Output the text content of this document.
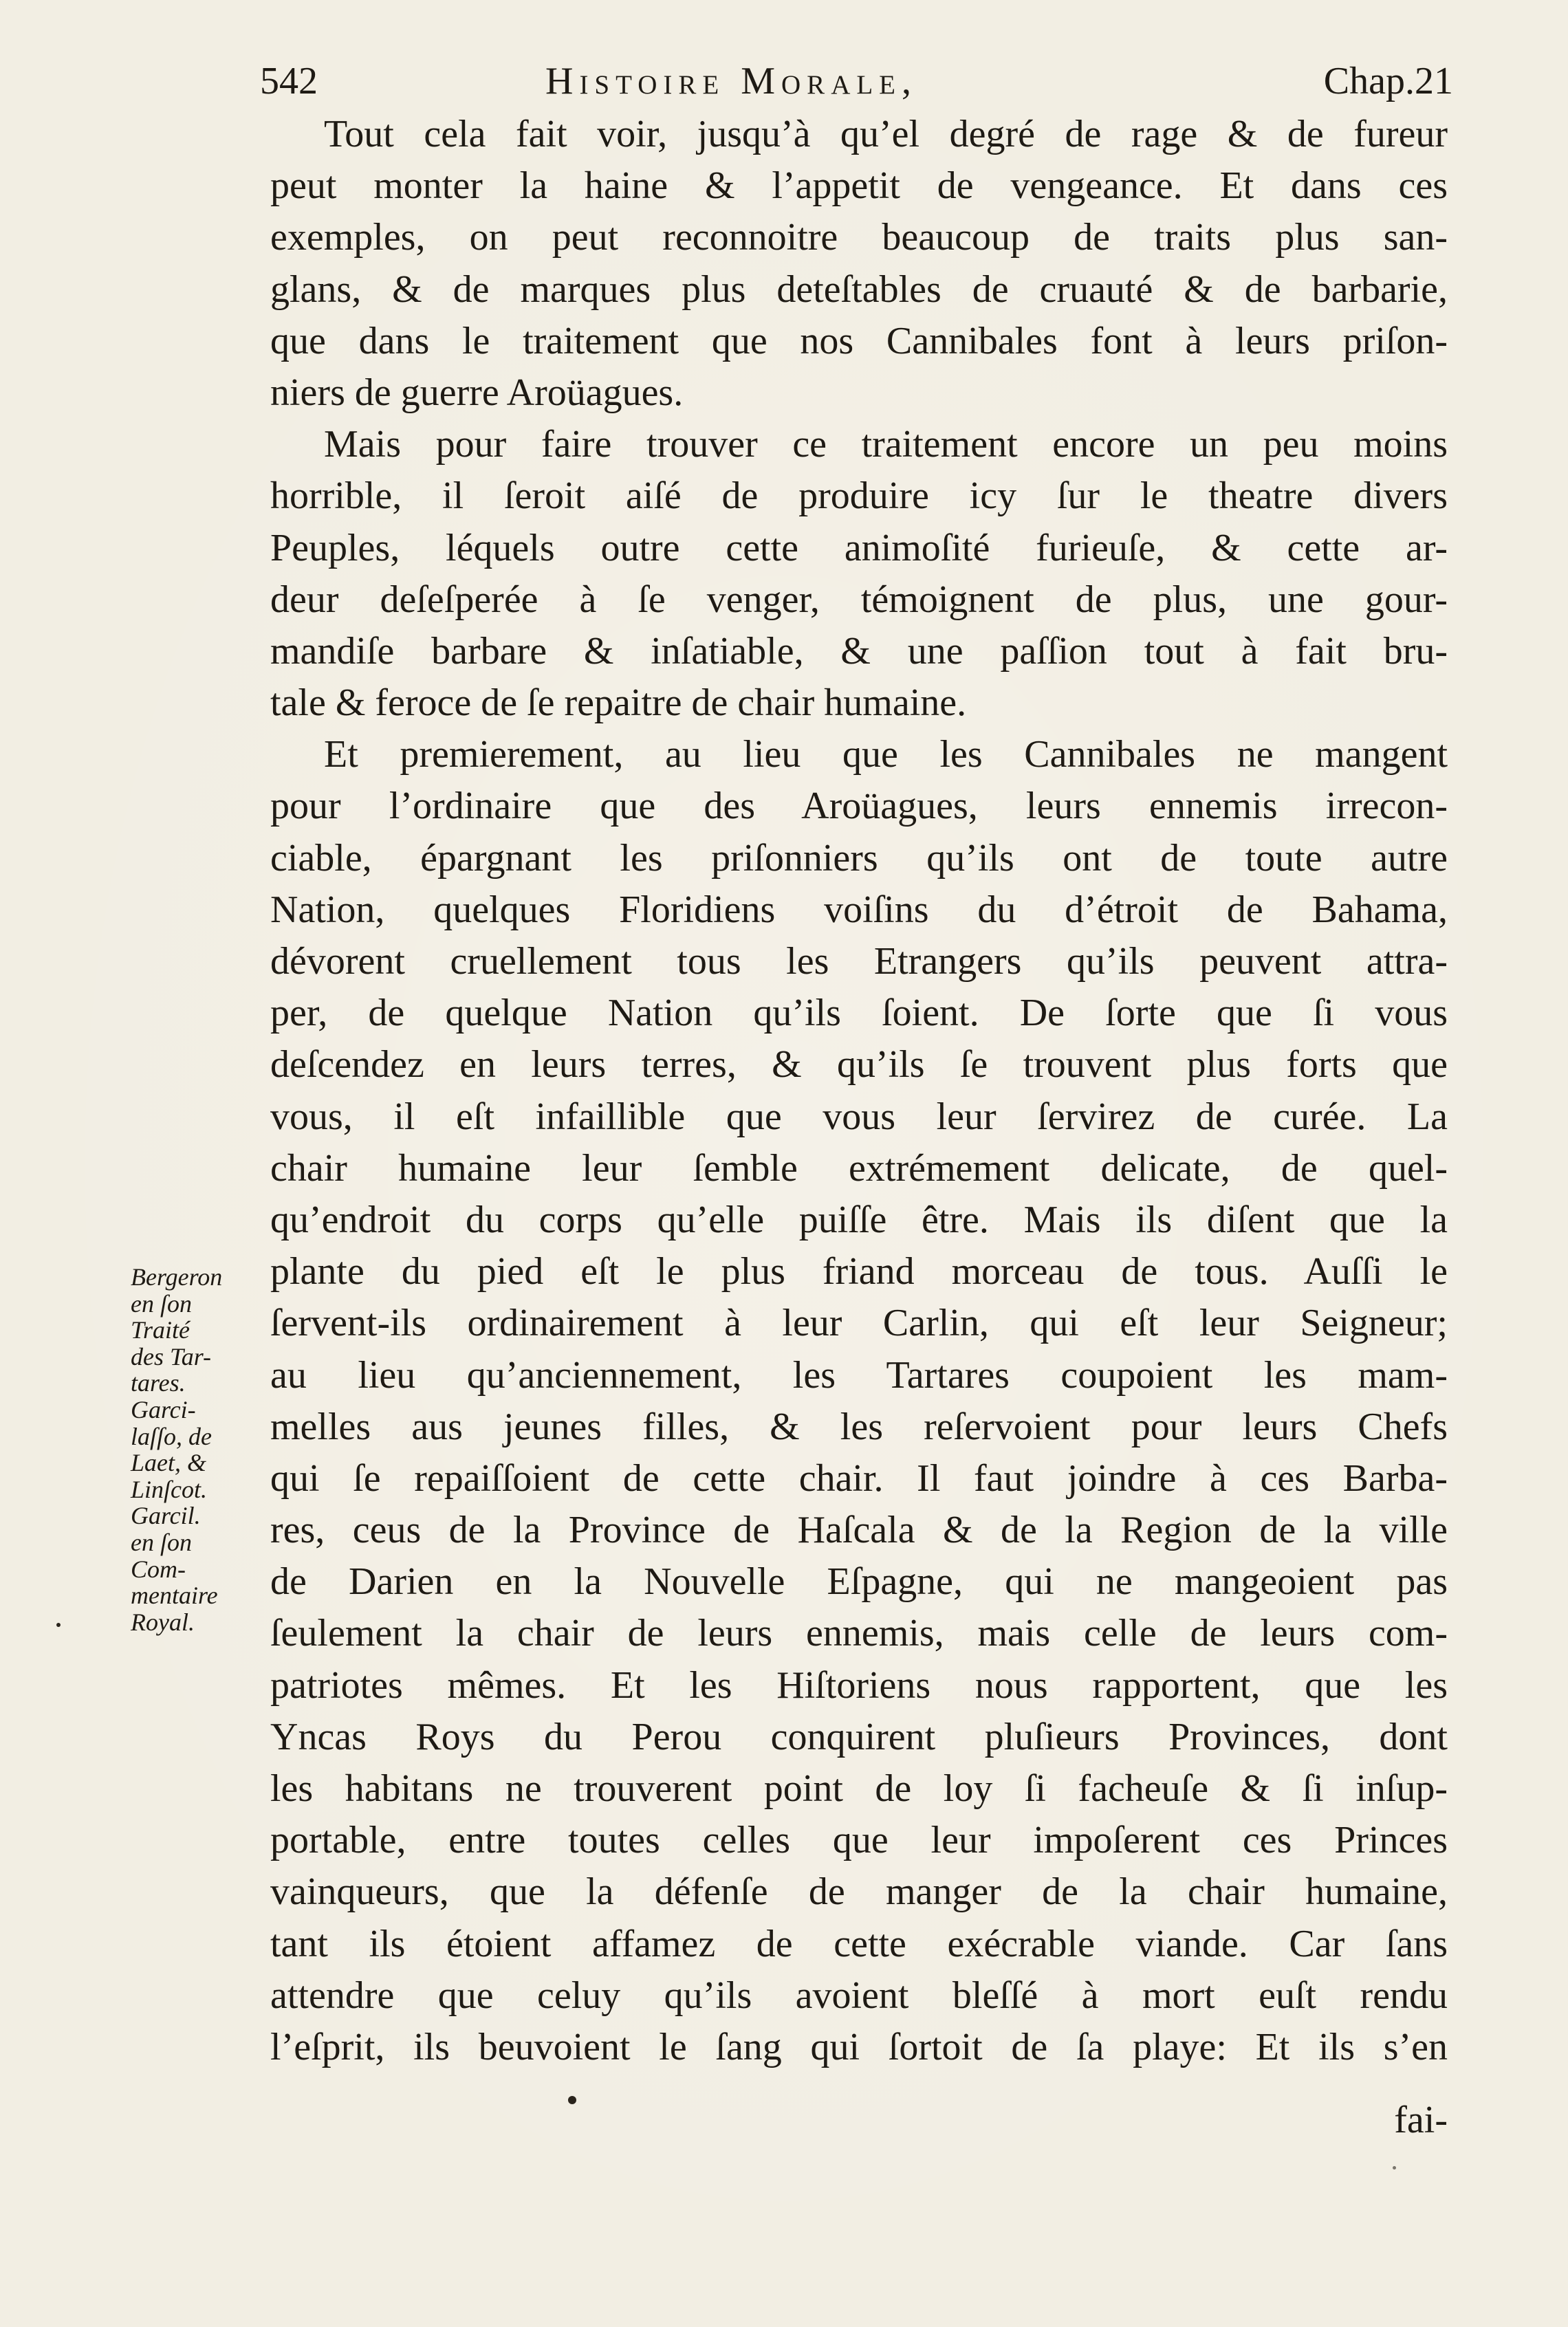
542	Histoire Morale,	Chap.21
Tout cela fait voir, jusqu’à qu’el degré de rage & de fureur
peut monter la haine & l’appetit de vengeance. Et dans ces
exemples, on peut reconnoitre beaucoup de traits plus san-
glans, & de marques plus deteſtables de cruauté & de barbarie,
que dans le traitement que nos Cannibales font à leurs priſon-
niers de guerre Aroüagues.
Mais pour faire trouver ce traitement encore un peu moins
horrible, il ſeroit aiſé de produire icy ſur le theatre divers
Peuples, léquels outre cette animoſité furieuſe, & cette ar-
deur deſeſperée à ſe venger, témoignent de plus, une gour-
mandiſe barbare & inſatiable, & une paſſion tout à fait bru-
tale & feroce de ſe repaitre de chair humaine.
Et premierement, au lieu que les Cannibales ne mangent
pour l’ordinaire que des Aroüagues, leurs ennemis irrecon-
ciable, épargnant les priſonniers qu’ils ont de toute autre
Nation, quelques Floridiens voiſins du d’étroit de Bahama,
dévorent cruellement tous les Etrangers qu’ils peuvent attra-
per, de quelque Nation qu’ils ſoient. De ſorte que ſi vous
deſcendez en leurs terres, & qu’ils ſe trouvent plus forts que
vous, il eſt infaillible que vous leur ſervirez de curée. La
chair humaine leur ſemble extrémement delicate, de quel-
qu’endroit du corps qu’elle puiſſe être. Mais ils diſent que la
plante du pied eſt le plus friand morceau de tous. Auſſi le
ſervent-ils ordinairement à leur Carlin, qui eſt leur Seigneur;
au lieu qu’anciennement, les Tartares coupoient les mam-
melles aus jeunes filles, & les reſervoient pour leurs Chefs
qui ſe repaiſſoient de cette chair. Il faut joindre à ces Barba-
res, ceus de la Province de Haſcala & de la Region de la ville
de Darien en la Nouvelle Eſpagne, qui ne mangeoient pas
ſeulement la chair de leurs ennemis, mais celle de leurs com-
patriotes mêmes. Et les Hiſtoriens nous rapportent, que les
Yncas Roys du Perou conquirent pluſieurs Provinces, dont
les habitans ne trouverent point de loy ſi facheuſe & ſi inſup-
portable, entre toutes celles que leur impoſerent ces Princes
vainqueurs, que la défenſe de manger de la chair humaine,
tant ils étoient affamez de cette exécrable viande. Car ſans
attendre que celuy qu’ils avoient bleſſé à mort euſt rendu
l’eſprit, ils beuvoient le ſang qui ſortoit de ſa playe: Et ils s’en
fai-
Bergeron
en ſon
Traité
des Tar-
tares.
Garci-
laſſo, de
Laet, &
Linſcot.
Garcil.
en ſon
Com-
mentaire
Royal.
